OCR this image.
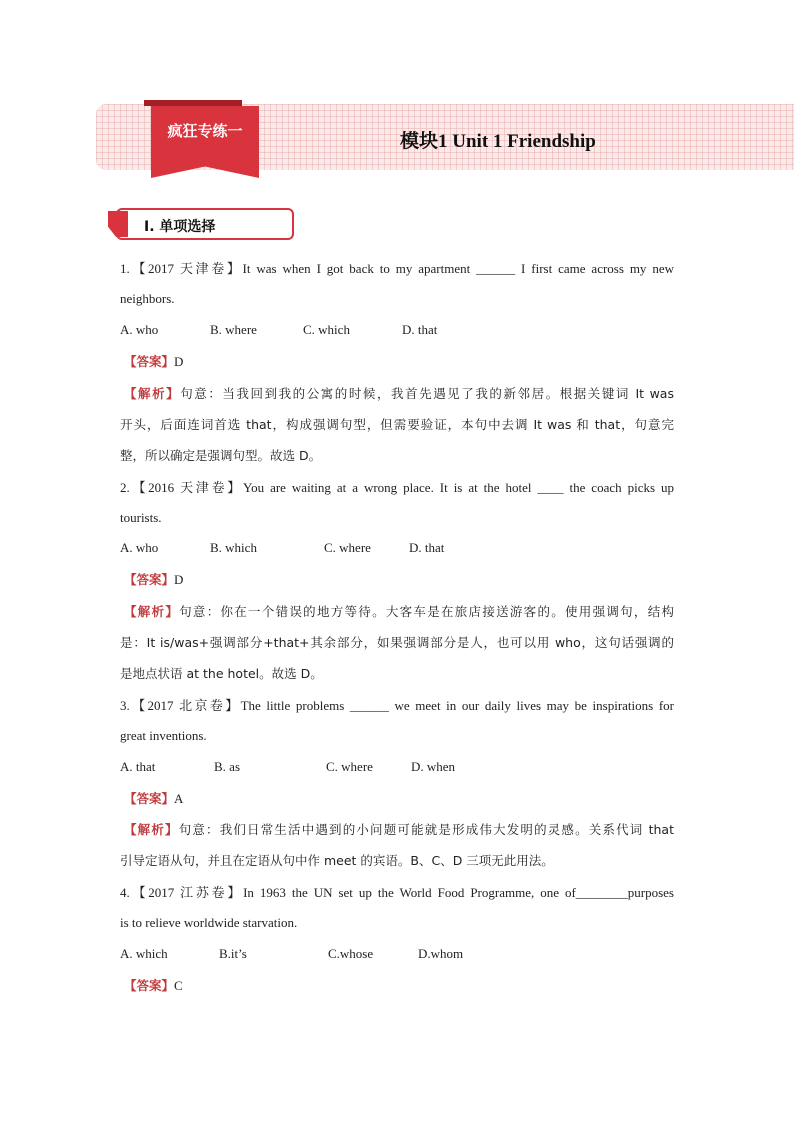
疯狂专练一	模块1 Unit 1 Friendship
Ⅰ. 单项选择
1.【2017 天津卷】It was when I got back to my apartment ______ I first came across my new
neighbors.
A. who	B. where	C. which	D. that
【答案】D
【解析】句意：当我回到我的公寓的时候，我首先遇见了我的新邻居。根据关键词 It was
开头，后面连词首选 that，构成强调句型，但需要验证，本句中去调 It was 和 that，句意完
整，所以确定是强调句型。故选 D。
2.【2016 天津卷】You are waiting at a wrong place. It is at the hotel ____ the coach picks up
tourists.
A. who	B. which	C. where	D. that
【答案】D
【解析】句意：你在一个错误的地方等待。大客车是在旅店接送游客的。使用强调句，结构
是：It is/was+强调部分+that+其余部分，如果强调部分是人，也可以用 who，这句话强调的
是地点状语 at the hotel。故选 D。
3.【2017 北京卷】The little problems ______ we meet in our daily lives may be inspirations for
great inventions.
A. that	B. as	C. where	D. when
【答案】A
【解析】句意：我们日常生活中遇到的小问题可能就是形成伟大发明的灵感。关系代词 that
引导定语从句，并且在定语从句中作 meet 的宾语。B、C、D 三项无此用法。
4.【2017 江苏卷】In 1963 the UN set up the World Food Programme, one of________purposes
is to relieve worldwide starvation.
A. which	B.it’s	C.whose	D.whom
【答案】C
